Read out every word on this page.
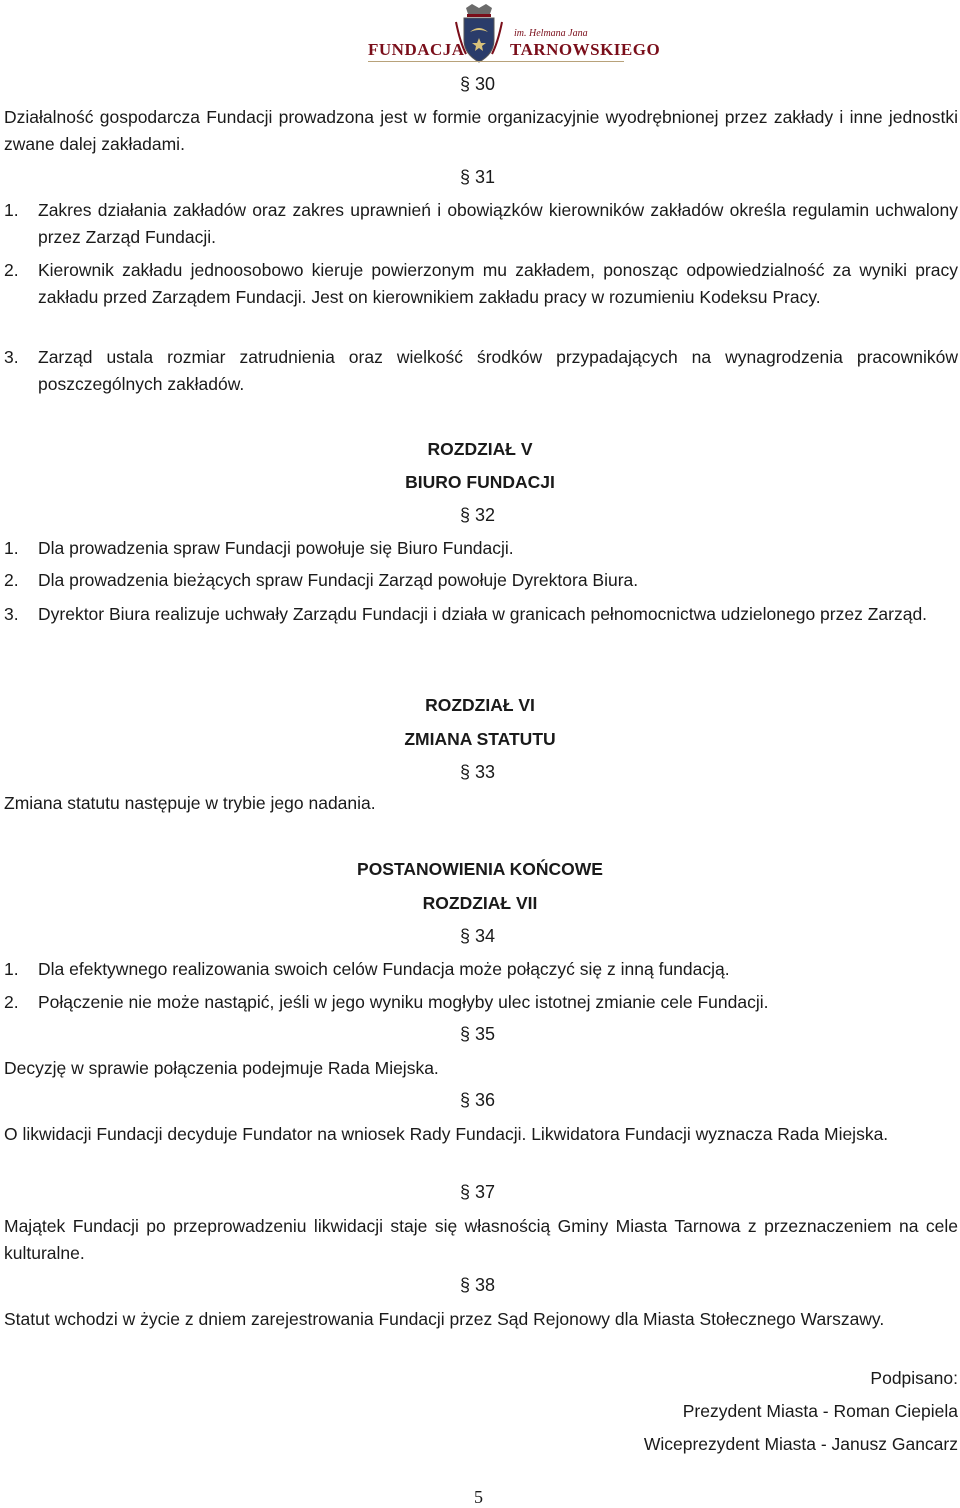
FUNDACJA
im. Helmana Jana
TARNOWSKIEGO
§ 30
Działalność gospodarcza Fundacji prowadzona jest w formie organizacyjnie wyodrębnionej przez zakłady i inne jednostki zwane dalej zakładami.
§ 31
1. Zakres działania zakładów oraz zakres uprawnień i obowiązków kierowników zakładów określa regulamin uchwalony przez Zarząd Fundacji.
2. Kierownik zakładu jednoosobowo kieruje powierzonym mu zakładem, ponosząc odpowiedzialność za wyniki pracy zakładu przed Zarządem Fundacji. Jest on kierownikiem zakładu pracy w rozumieniu Kodeksu Pracy.
3. Zarząd ustala rozmiar zatrudnienia oraz wielkość środków przypadających na wynagrodzenia pracowników poszczególnych zakładów.
ROZDZIAŁ V
BIURO FUNDACJI
§ 32
1. Dla prowadzenia spraw Fundacji powołuje się Biuro Fundacji.
2. Dla prowadzenia bieżących spraw Fundacji Zarząd powołuje Dyrektora Biura.
3. Dyrektor Biura realizuje uchwały Zarządu Fundacji i działa w granicach pełnomocnictwa udzielonego przez Zarząd.
ROZDZIAŁ VI
ZMIANA STATUTU
§ 33
Zmiana statutu następuje w trybie jego nadania.
POSTANOWIENIA KOŃCOWE
ROZDZIAŁ VII
§ 34
1. Dla efektywnego realizowania swoich celów Fundacja może połączyć się z inną fundacją.
2. Połączenie nie może nastąpić, jeśli w jego wyniku mogłyby ulec istotnej zmianie cele Fundacji.
§ 35
Decyzję w sprawie połączenia podejmuje Rada Miejska.
§ 36
O likwidacji Fundacji decyduje Fundator na wniosek Rady Fundacji. Likwidatora Fundacji wyznacza Rada Miejska.
§ 37
Majątek Fundacji po przeprowadzeniu likwidacji staje się własnością Gminy Miasta Tarnowa z przeznaczeniem na cele kulturalne.
§ 38
Statut wchodzi w życie z dniem zarejestrowania Fundacji przez Sąd Rejonowy dla Miasta Stołecznego Warszawy.
Podpisano:
Prezydent Miasta - Roman Ciepiela
Wiceprezydent Miasta - Janusz Gancarz
5
